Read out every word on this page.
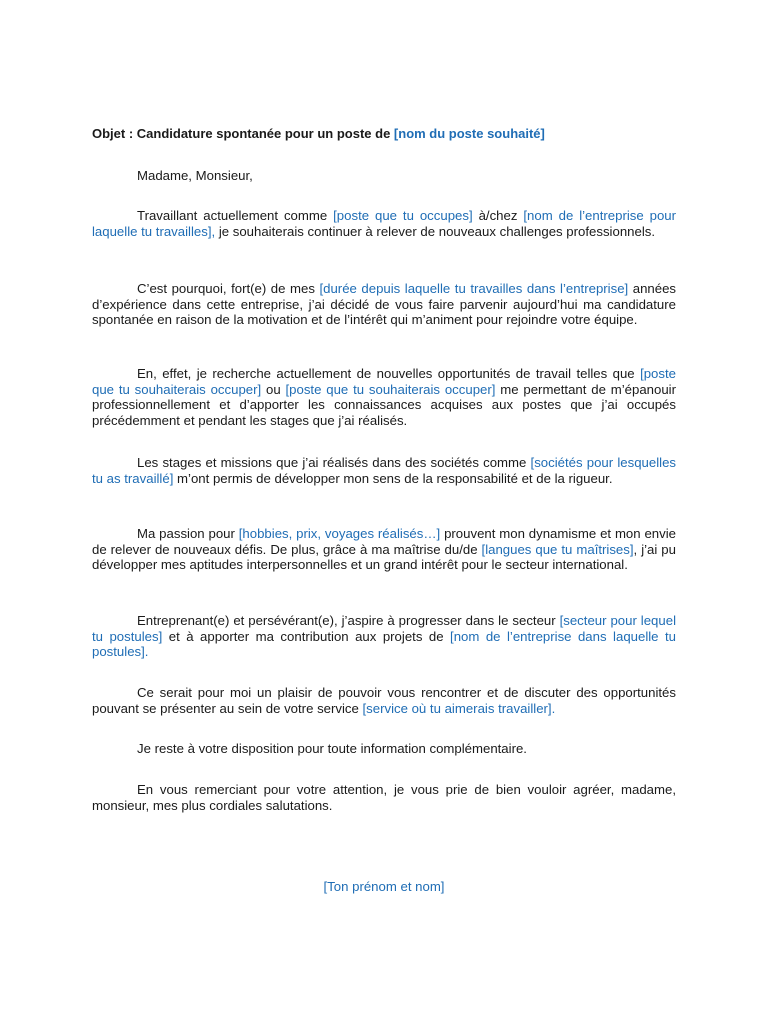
Objet : Candidature spontanée pour un poste de [nom du poste souhaité]

Madame, Monsieur,

Travaillant actuellement comme [poste que tu occupes] à/chez [nom de l’entreprise pour laquelle tu travailles], je souhaiterais continuer à relever de nouveaux challenges professionnels.

C’est pourquoi, fort(e) de mes [durée depuis laquelle tu travailles dans l’entreprise] années d’expérience dans cette entreprise, j’ai décidé de vous faire parvenir aujourd’hui ma candidature spontanée en raison de la motivation et de l’intérêt qui m’animent pour rejoindre votre équipe.

En, effet, je recherche actuellement de nouvelles opportunités de travail telles que [poste que tu souhaiterais occuper] ou [poste que tu souhaiterais occuper] me permettant de m’épanouir professionnellement et d’apporter les connaissances acquises aux postes que j’ai occupés précédemment et pendant les stages que j’ai réalisés.

Les stages et missions que j’ai réalisés dans des sociétés comme [sociétés pour lesquelles tu as travaillé] m’ont permis de développer mon sens de la responsabilité et de la rigueur.

Ma passion pour [hobbies, prix, voyages réalisés…] prouvent mon dynamisme et mon envie de relever de nouveaux défis. De plus, grâce à ma maîtrise du/de [langues que tu maîtrises], j’ai pu développer mes aptitudes interpersonnelles et un grand intérêt pour le secteur international.

Entreprenant(e) et persévérant(e), j’aspire à progresser dans le secteur [secteur pour lequel tu postules] et à apporter ma contribution aux projets de [nom de l’entreprise dans laquelle tu postules].

Ce serait pour moi un plaisir de pouvoir vous rencontrer et de discuter des opportunités pouvant se présenter au sein de votre service [service où tu aimerais travailler].

Je reste à votre disposition pour toute information complémentaire.

En vous remerciant pour votre attention, je vous prie de bien vouloir agréer, madame, monsieur, mes plus cordiales salutations.

[Ton prénom et nom]
